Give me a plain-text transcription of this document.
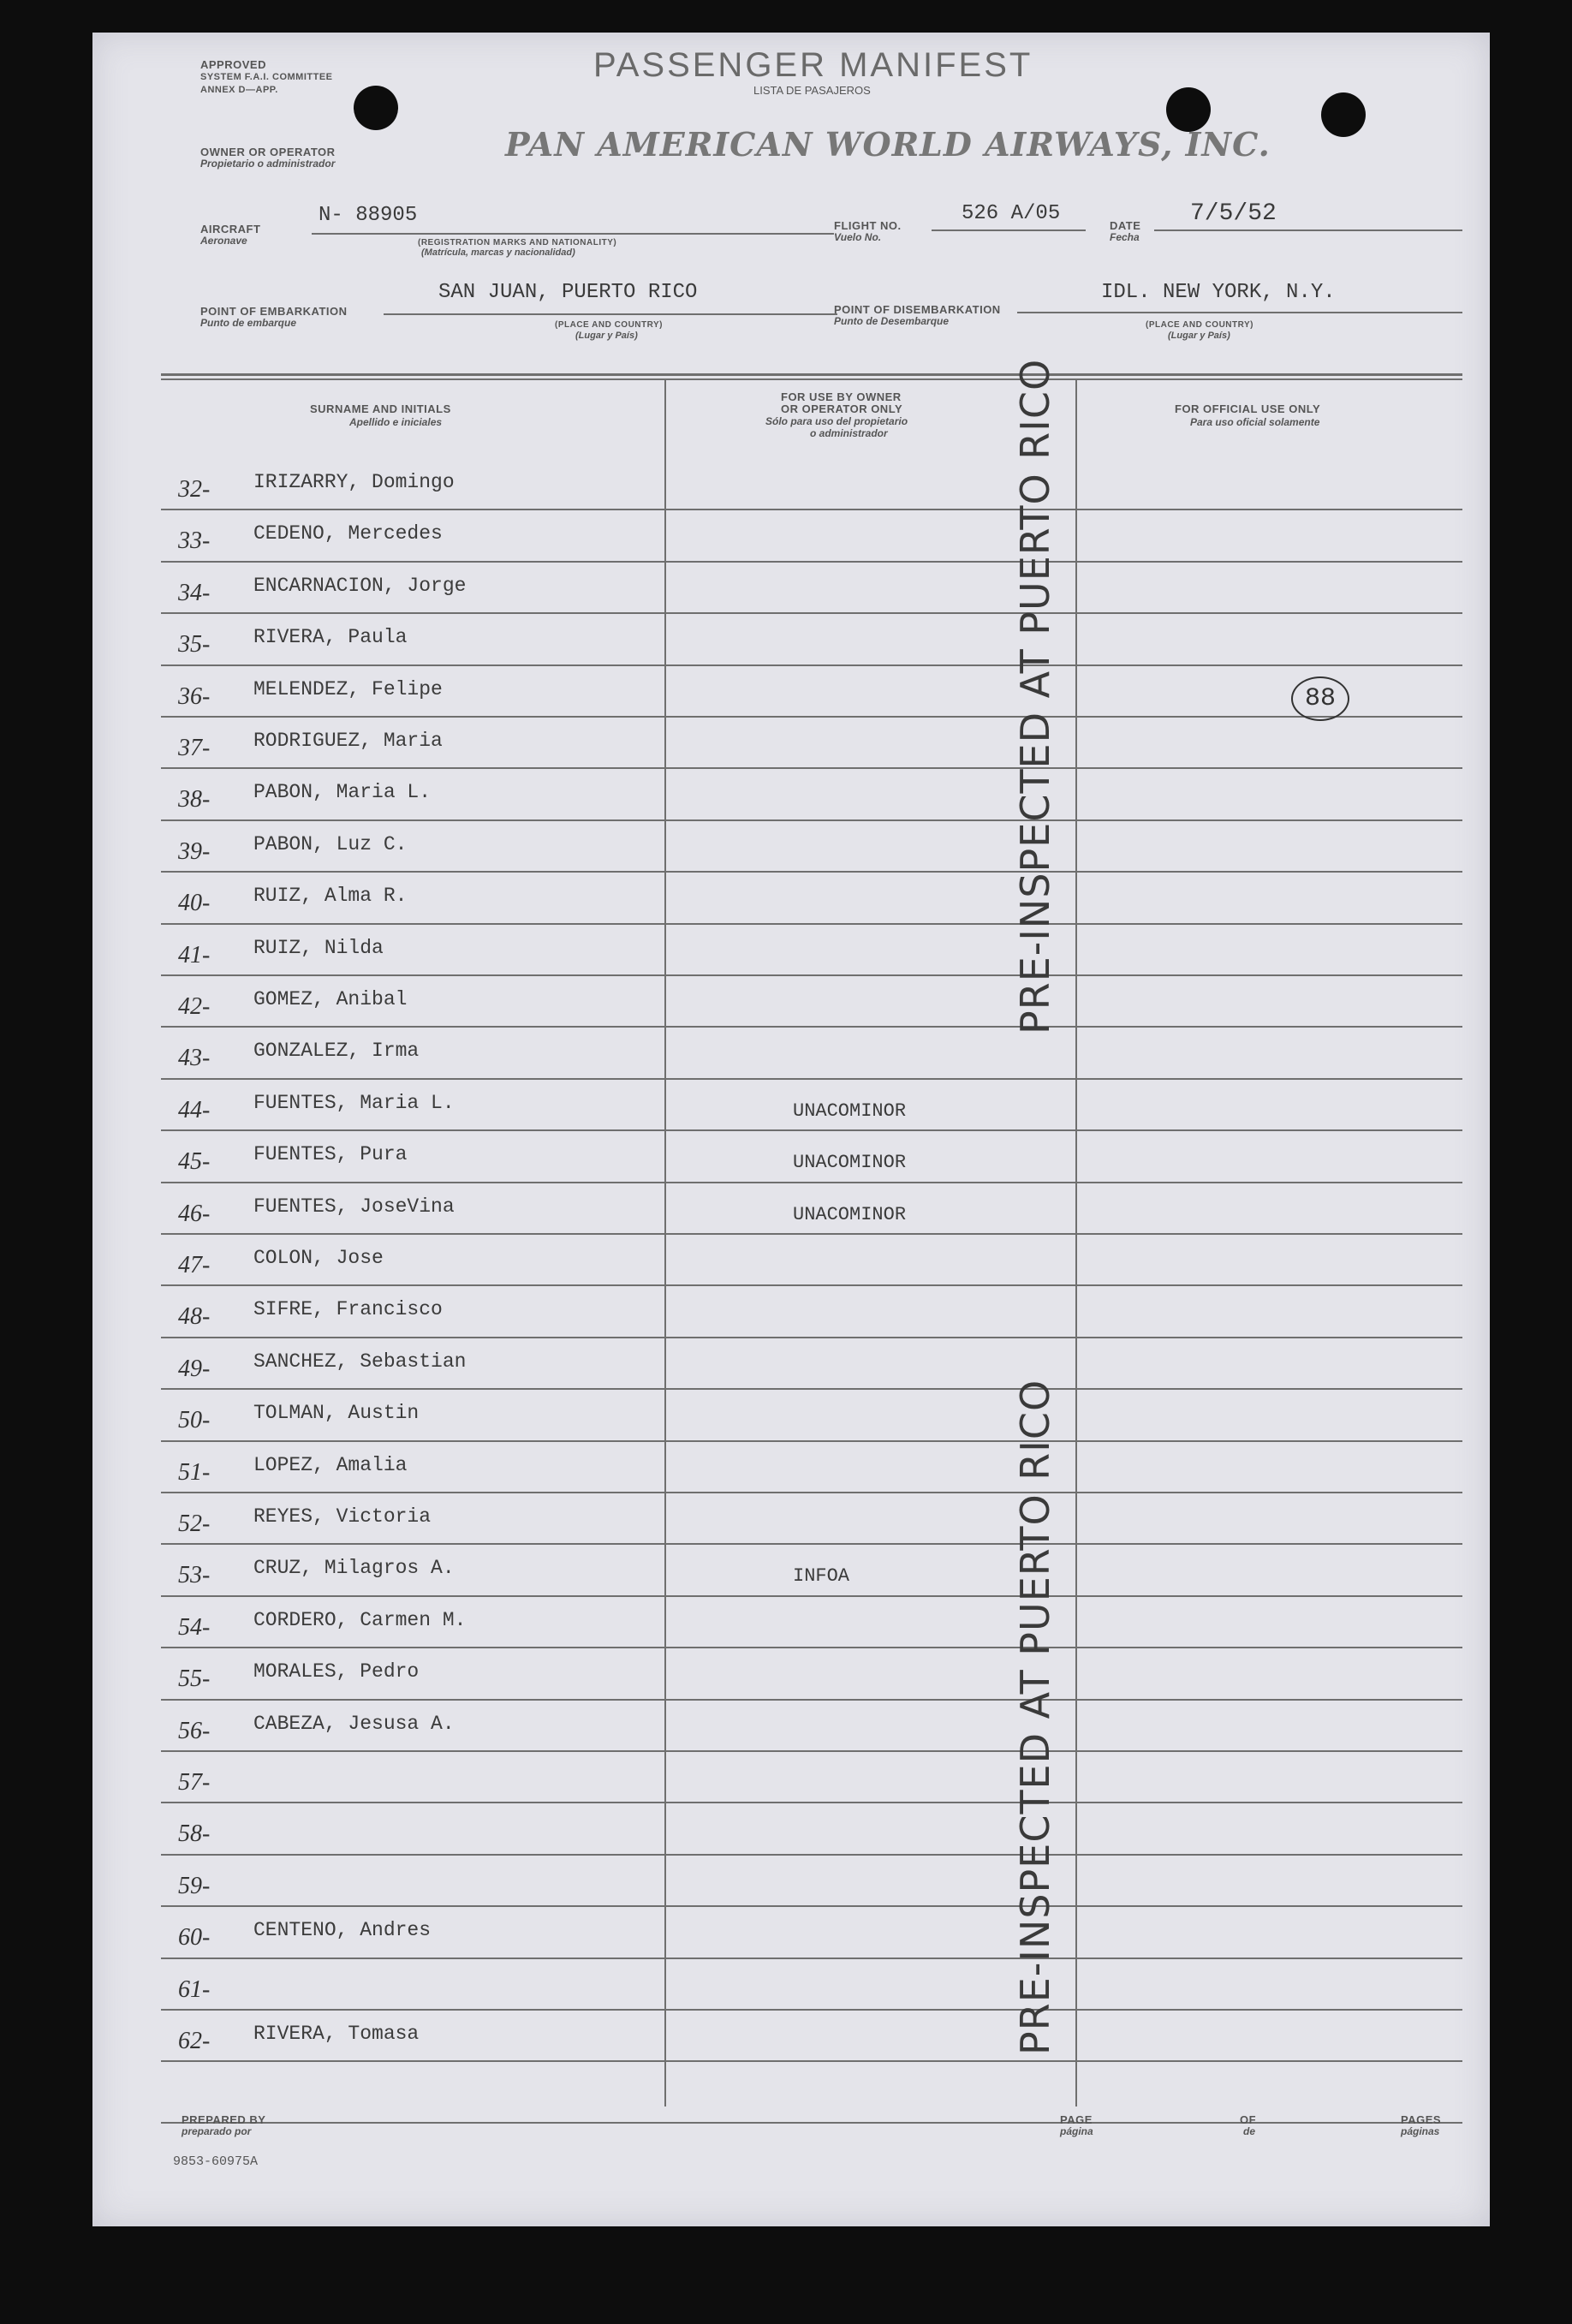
APPROVED
SYSTEM F.A.I. COMMITTEE
ANNEX D—APP.
PASSENGER MANIFEST
LISTA DE PASAJEROS
OWNER OR OPERATOR
Propietario o administrador	PAN AMERICAN WORLD AIRWAYS, INC.
AIRCRAFT
Aeronave
N- 88905
(REGISTRATION MARKS AND NATIONALITY)
(Matrícula, marcas y nacionalidad)
FLIGHT NO.
Vuelo No.
526 A/05
DATE
Fecha
7/5/52
POINT OF EMBARKATION
Punto de embarque
SAN JUAN, PUERTO RICO
(PLACE AND COUNTRY)
(Lugar y País)
POINT OF DISEMBARKATION
Punto de Desembarque
IDL. NEW YORK, N.Y.
(PLACE AND COUNTRY)
(Lugar y País)
SURNAME AND INITIALS
Apellido e iniciales
FOR USE BY OWNER
OR OPERATOR ONLY
Sólo para uso del propietario
o administrador
FOR OFFICIAL USE ONLY
Para uso oficial solamente
32- IRIZARRY, Domingo
33- CEDENO, Mercedes
34- ENCARNACION, Jorge
35- RIVERA, Paula
36- MELENDEZ, Felipe
37- RODRIGUEZ, Maria
38- PABON, Maria L.
39- PABON, Luz C.
40- RUIZ, Alma R.
41- RUIZ, Nilda
42- GOMEZ, Anibal
43- GONZALEZ, Irma
44- FUENTES, Maria L.	UNACOMINOR
45- FUENTES, Pura	UNACOMINOR
46- FUENTES, JoseVina	UNACOMINOR
47- COLON, Jose
48- SIFRE, Francisco
49- SANCHEZ, Sebastian
50- TOLMAN, Austin
51- LOPEZ, Amalia
52- REYES, Victoria
53- CRUZ, Milagros A.	INFOA
54- CORDERO, Carmen M.
55- MORALES, Pedro
56- CABEZA, Jesusa A.
57-
58-
59-
60- CENTENO, Andres
61-
62- RIVERA, Tomasa
PRE-INSPECTED AT PUERTO RICO
PRE-INSPECTED AT PUERTO RICO
88
PREPARED BY
preparado por
PAGE
página
OF
de
PAGES
páginas
9853-60975A
